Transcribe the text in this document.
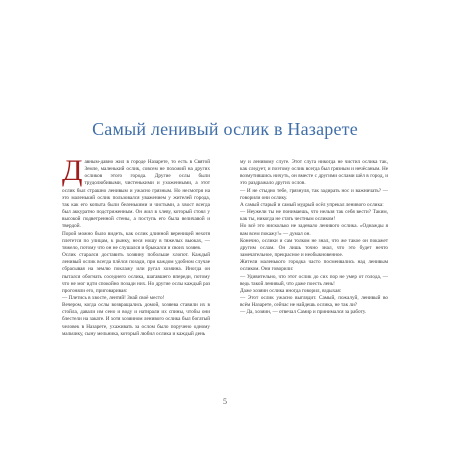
Самый ленивый ослик в Назарете

Давным-давно жил в городе Назарете, то есть в Святой Земле, маленький ослик, совсем не похожий на других осликов этого города. Другие ослы были трудолюбивыми, чистенькими и ухоженными, а этот ослик был страшно ленивым и ужасно грязным. Но несмотря на это маленький ослик пользовался уважением у жителей города, так как его копыта были беленькими и чистыми, а хвост всегда был аккуратно подстриженным. Он жил в хлеву, который стоял у высокой подветренной стены, а поступь его была величавой и твердой.

Порой можно было видеть, как ослик длинной вереницей нехотя плетется по улицам, к рынку, неся ношу в тяжелых вьюках, — тяжело, потому что он не слушался и брыкался и своих хозяев.

Ослик старался доставить хозяину побольше хлопот. Каждый ленивый ослик всегда плёлся позади, при каждом удобном случае сбрасывая на землю поклажу или ругал хозяина. Иногда он пытался обогнать соседнего ослика, шагавшего впереди, потому что не мог идти спокойно позади них. Но другие ослы каждый раз прогоняли его, приговаривая:

— Плетись в хвосте, лентяй! Знай своё место!

Вечером, когда ослы возвращались домой, хозяева ставили их в стойла, давали им сено и воду и натирали их спины, чтобы они блестели на закате. И хотя хозяином ленивого ослика был богатый человек в Назарете, ухаживать за ослом было поручено одному мальчику, сыну мельника, который любил ослика и каждый день

му и ленивому слуге. Этот слуга никогда не чистил ослика так, как следует, и поэтому ослик всегда был грязным и нечёсаным. Не возмутившись ничуть, он вместе с другими ослами шёл в город, и это раздражало других ослов.

— И не стыдно тебе, грязнуля, так задирать нос и важничать? — говорили они ослику.

А самый старый и самый мудрый осёл упрекал ленивого ослика:

— Неужели ты не понимаешь, что нельзя так себя вести? Таким, как ты, никогда не стать честным осликом!

Но всё это нисколько не задевало ленивого ослика. «Однажды я вам всем покажу!» — думал он.

Конечно, ослики и сам толком не знал, что же такое он покажет другим ослам. Он лишь точно знал, что это будет нечто замечательное, прекрасное и необыкновенное.

Жители маленького городка часто посмеивались над ленивым осликом. Они говорили:

— Удивительно, что этот ослик до сих пор не умер от голода, — ведь такой ленивый, что даже поесть лень!

Даже хозяин ослика иногда говорил, вздыхая:

— Этот ослик ужасно выглядит. Самый, пожалуй, ленивый во всём Назарете, сейчас не найдешь ослика, не так ли?

— Да, хозяин, — отвечал Самир и принимался за работу.

5
